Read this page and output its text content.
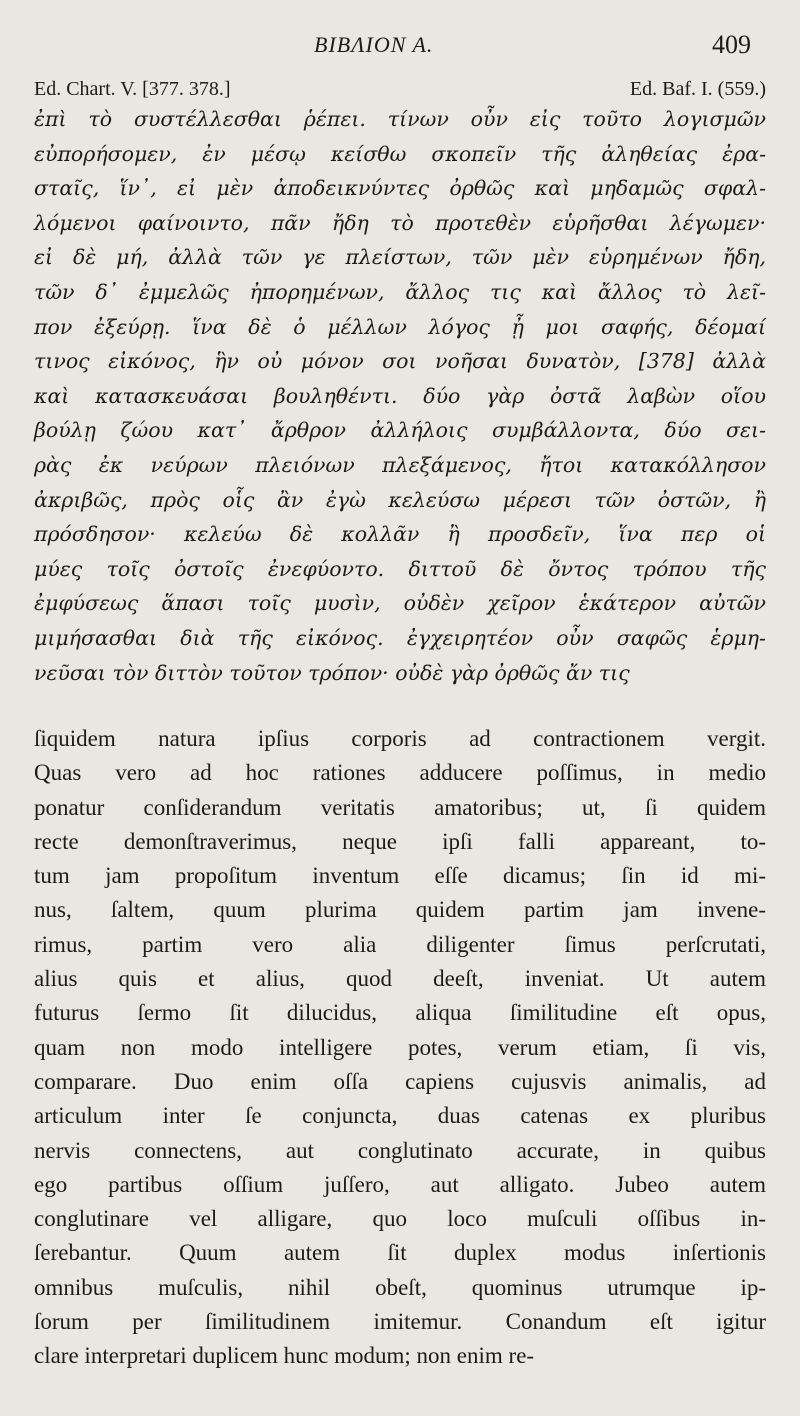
BIBΛIΟΝ Α.	409
Ed. Chart. V. [377. 378.]	Ed. Baf. I. (559.)
ἐπὶ τὸ συστέλλεσθαι ῥέπει. τίνων οὖν εἰς τοῦτο λογισμῶν
εὐπορήσομεν, ἐν μέσῳ κείσθω σκοπεῖν τῆς ἀληθείας ἐρα-
σταῖς, ἵν᾽, εἰ μὲν ἀποδεικνύντες ὀρθῶς καὶ μηδαμῶς σφαλ-
λόμενοι φαίνοιντο, πᾶν ἤδη τὸ προτεθὲν εὑρῆσθαι λέγωμεν·
εἰ δὲ μή, ἀλλὰ τῶν γε πλείστων, τῶν μὲν εὑρημένων ἤδη,
τῶν δ᾽ ἐμμελῶς ἠπορημένων, ἄλλος τις καὶ ἄλλος τὸ λεῖ-
πον ἐξεύρῃ. ἵνα δὲ ὁ μέλλων λόγος ᾖ μοι σαφής, δέομαί
τινος εἰκόνος, ἣν οὐ μόνον σοι νοῆσαι δυνατὸν, [378] ἀλλὰ
καὶ κατασκευάσαι βουληθέντι. δύο γὰρ ὀστᾶ λαβὼν οἵου
βούλῃ ζώου κατ᾽ ἄρθρον ἀλλήλοις συμβάλλοντα, δύο σει-
ρὰς ἐκ νεύρων πλειόνων πλεξάμενος, ἤτοι κατακόλλησον
ἀκριβῶς, πρὸς οἷς ἂν ἐγὼ κελεύσω μέρεσι τῶν ὀστῶν, ἢ
πρόσδησον· κελεύω δὲ κολλᾶν ἢ προσδεῖν, ἵνα περ οἱ
μύες τοῖς ὀστοῖς ἐνεφύοντο. διττοῦ δὲ ὄντος τρόπου τῆς
ἐμφύσεως ἅπασι τοῖς μυσὶν, οὐδὲν χεῖρον ἑκάτερον αὐτῶν
μιμήσασθαι διὰ τῆς εἰκόνος. ἐγχειρητέον οὖν σαφῶς ἑρμη-
νεῦσαι τὸν διττὸν τοῦτον τρόπον· οὐδὲ γὰρ ὀρθῶς ἄν τις
ſiquidem natura ipſius corporis ad contractionem vergit.
Quas vero ad hoc rationes adducere poſſimus, in medio
ponatur conſiderandum veritatis amatoribus; ut, ſi quidem
recte demonſtraverimus, neque ipſi falli appareant, to-
tum jam propoſitum inventum eſſe dicamus; ſin id mi-
nus, ſaltem, quum plurima quidem partim jam invene-
rimus, partim vero alia diligenter ſimus perſcrutati,
alius quis et alius, quod deeſt, inveniat. Ut autem
futurus ſermo ſit dilucidus, aliqua ſimilitudine eſt opus,
quam non modo intelligere potes, verum etiam, ſi vis,
comparare. Duo enim oſſa capiens cujusvis animalis, ad
articulum inter ſe conjuncta, duas catenas ex pluribus
nervis connectens, aut conglutinato accurate, in quibus
ego partibus oſſium juſſero, aut alligato. Jubeo autem
conglutinare vel alligare, quo loco muſculi oſſibus in-
ſerebantur. Quum autem ſit duplex modus inſertionis
omnibus muſculis, nihil obeſt, quominus utrumque ip-
ſorum per ſimilitudinem imitemur. Conandum eſt igitur
clare interpretari duplicem hunc modum; non enim re-
